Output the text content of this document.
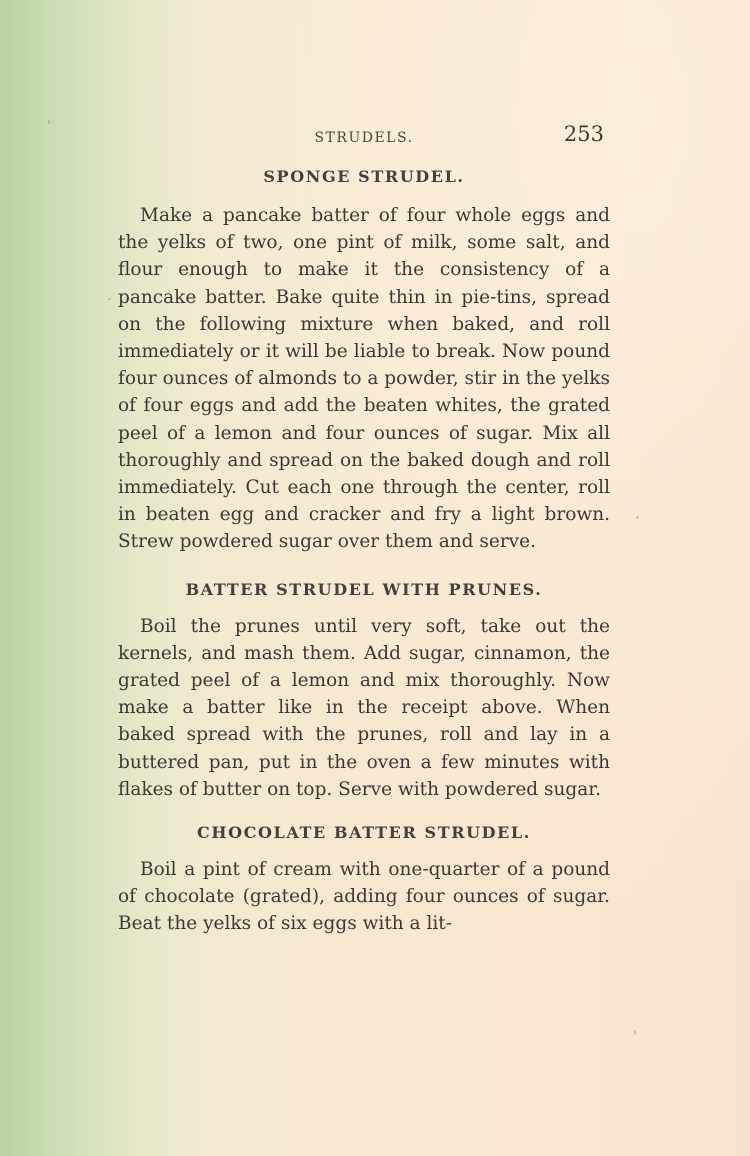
STRUDELS.	253
SPONGE STRUDEL.

Make a pancake batter of four whole eggs and the yelks of two, one pint of milk, some salt, and flour enough to make it the consistency of a pancake batter. Bake quite thin in pie-tins, spread on the following mixture when baked, and roll immediately or it will be liable to break. Now pound four ounces of almonds to a powder, stir in the yelks of four eggs and add the beaten whites, the grated peel of a lemon and four ounces of sugar. Mix all thoroughly and spread on the baked dough and roll immediately. Cut each one through the center, roll in beaten egg and cracker and fry a light brown. Strew powdered sugar over them and serve.

BATTER STRUDEL WITH PRUNES.

Boil the prunes until very soft, take out the kernels, and mash them. Add sugar, cinnamon, the grated peel of a lemon and mix thoroughly. Now make a batter like in the receipt above. When baked spread with the prunes, roll and lay in a buttered pan, put in the oven a few minutes with flakes of butter on top. Serve with powdered sugar.

CHOCOLATE BATTER STRUDEL.

Boil a pint of cream with one-quarter of a pound of chocolate (grated), adding four ounces of sugar. Beat the yelks of six eggs with a lit-
